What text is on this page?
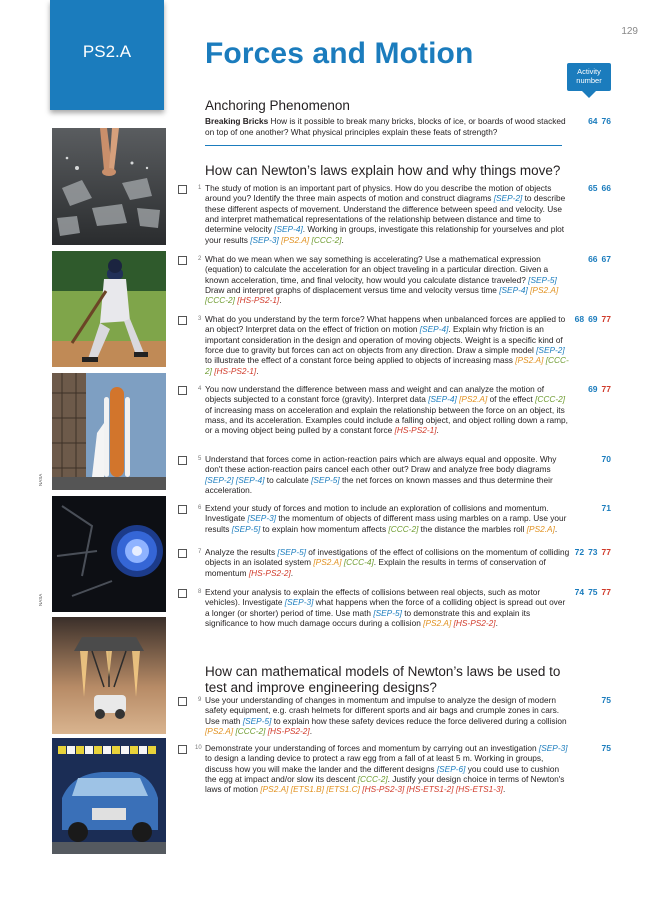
PS2.A
129
Forces and Motion
Activity number
NASA
NASA
Anchoring Phenomenon
Breaking Bricks How is it possible to break many bricks, blocks of ice, or boards of wood stacked on top of one another? What physical principles explain these feats of strength?
64 76
How can Newton’s laws explain how and why things move?
How can mathematical models of Newton’s laws be used to test and improve engineering designs?
1 The study of motion is an important part of physics. How do you describe the motion of objects around you? Identify the three main aspects of motion and construct diagrams [SEP-2] to describe these different aspects of movement. Understand the difference between speed and velocity. Use and interpret mathematical representations of the relationship between distance and time to determine velocity [SEP-4]. Working in groups, investigate this relationship for yourselves and plot your results [SEP-3] [PS2.A] [CCC-2].
65 66
2 What do we mean when we say something is accelerating? Use a mathematical expression (equation) to calculate the acceleration for an object traveling in a particular direction. Given a known acceleration, time, and final velocity, how would you calculate distance traveled? [SEP-5] Draw and interpret graphs of displacement versus time and velocity versus time [SEP-4] [PS2.A] [CCC-2] [HS-PS2-1].
66 67
3 What do you understand by the term force? What happens when unbalanced forces are applied to an object? Interpret data on the effect of friction on motion [SEP-4]. Explain why friction is an important consideration in the design and operation of moving objects. Weight is a specific kind of force due to gravity but forces can act on objects from any direction. Draw a simple model [SEP-2] to illustrate the effect of a constant force being applied to objects of increasing mass [PS2.A] [CCC-2] [HS-PS2-1].
68 69 77
4 You now understand the difference between mass and weight and can analyze the motion of objects subjected to a constant force (gravity). Interpret data [SEP-4] [PS2.A] of the effect [CCC-2] of increasing mass on acceleration and explain the relationship between the force on an object, its mass, and its acceleration. Examples could include a falling object, and object rolling down a ramp, or a moving object being pulled by a constant force [HS-PS2-1].
69 77
5 Understand that forces come in action-reaction pairs which are always equal and opposite. Why don't these action-reaction pairs cancel each other out? Draw and analyze free body diagrams [SEP-2] [SEP-4] to calculate [SEP-5] the net forces on known masses and thus determine their acceleration.
70
6 Extend your study of forces and motion to include an exploration of collisions and momentum. Investigate [SEP-3] the momentum of objects of different mass using marbles on a ramp. Use your results [SEP-5] to explain how momentum affects [CCC-2] the distance the marbles roll [PS2.A].
71
7 Analyze the results [SEP-5] of investigations of the effect of collisions on the momentum of colliding objects in an isolated system [PS2.A] [CCC-4]. Explain the results in terms of conservation of momentum [HS-PS2-2].
72 73 77
8 Extend your analysis to explain the effects of collisions between real objects, such as motor vehicles). Investigate [SEP-3] what happens when the force of a colliding object is spread out over a longer (or shorter) period of time. Use math [SEP-5] to demonstrate this and explain its significance to how much damage occurs during a collision [PS2.A] [HS-PS2-2].
74 75 77
9 Use your understanding of changes in momentum and impulse to analyze the design of modern safety equipment, e.g. crash helmets for different sports and air bags and crumple zones in cars. Use math [SEP-5] to explain how these safety devices reduce the force delivered during a collision [PS2.A] [CCC-2] [HS-PS2-2].
75
10 Demonstrate your understanding of forces and momentum by carrying out an investigation [SEP-3] to design a landing device to protect a raw egg from a fall of at least 5 m. Working in groups, discuss how you will make the lander and the different designs [SEP-6] you could use to cushion the egg at impact and/or slow its descent [CCC-2]. Justify your design choice in terms of Newton's laws of motion [PS2.A] [ETS1.B] [ETS1.C] [HS-PS2-3] [HS-ETS1-2] [HS-ETS1-3].
75
